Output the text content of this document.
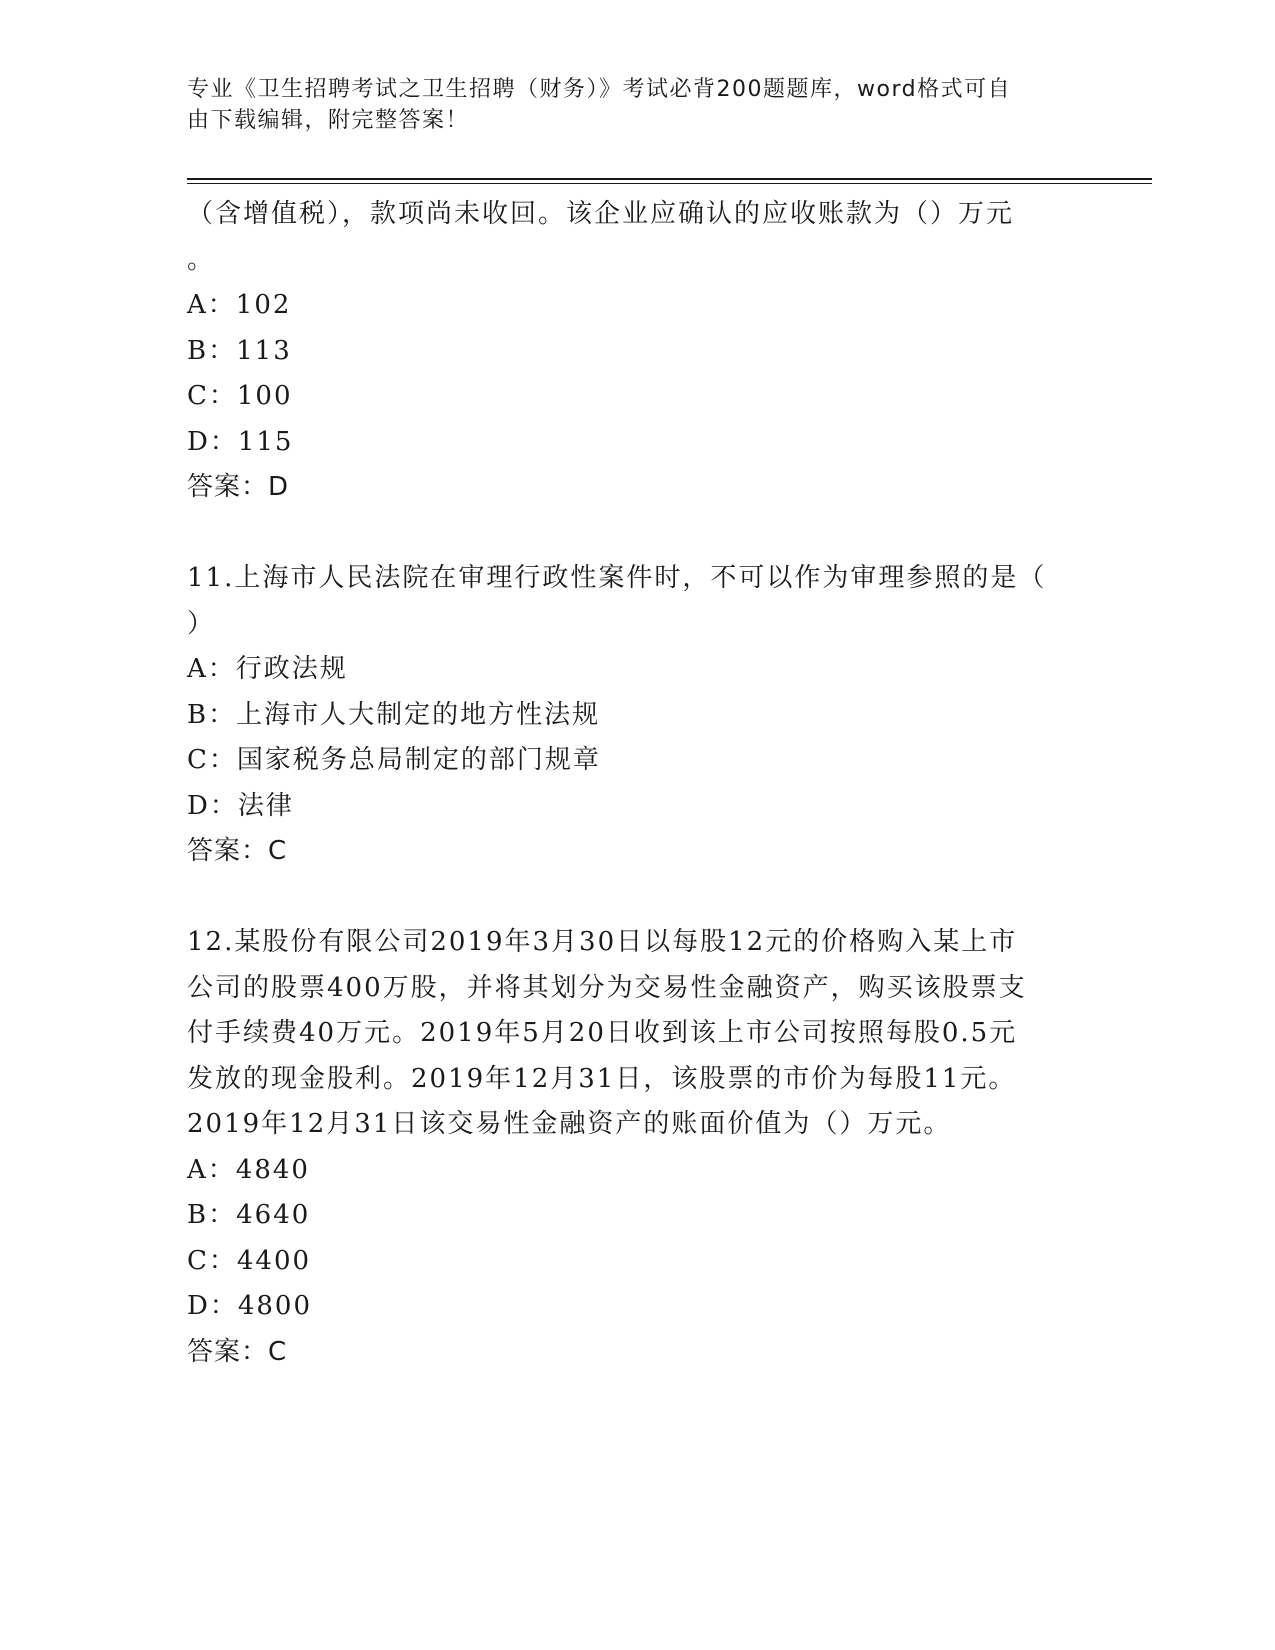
专业《卫生招聘考试之卫生招聘（财务）》考试必背200题题库，word格式可自
由下载编辑，附完整答案！
（含增值税），款项尚未收回。该企业应确认的应收账款为（）万元
。
A：102
B：113
C：100
D：115
答案：D
11.上海市人民法院在审理行政性案件时，不可以作为审理参照的是（
）
A：行政法规
B：上海市人大制定的地方性法规
C：国家税务总局制定的部门规章
D：法律
答案：C
12.某股份有限公司2019年3月30日以每股12元的价格购入某上市
公司的股票400万股，并将其划分为交易性金融资产，购买该股票支
付手续费40万元。2019年5月20日收到该上市公司按照每股0.5元
发放的现金股利。2019年12月31日，该股票的市价为每股11元。
2019年12月31日该交易性金融资产的账面价值为（）万元。
A：4840
B：4640
C：4400
D：4800
答案：C
